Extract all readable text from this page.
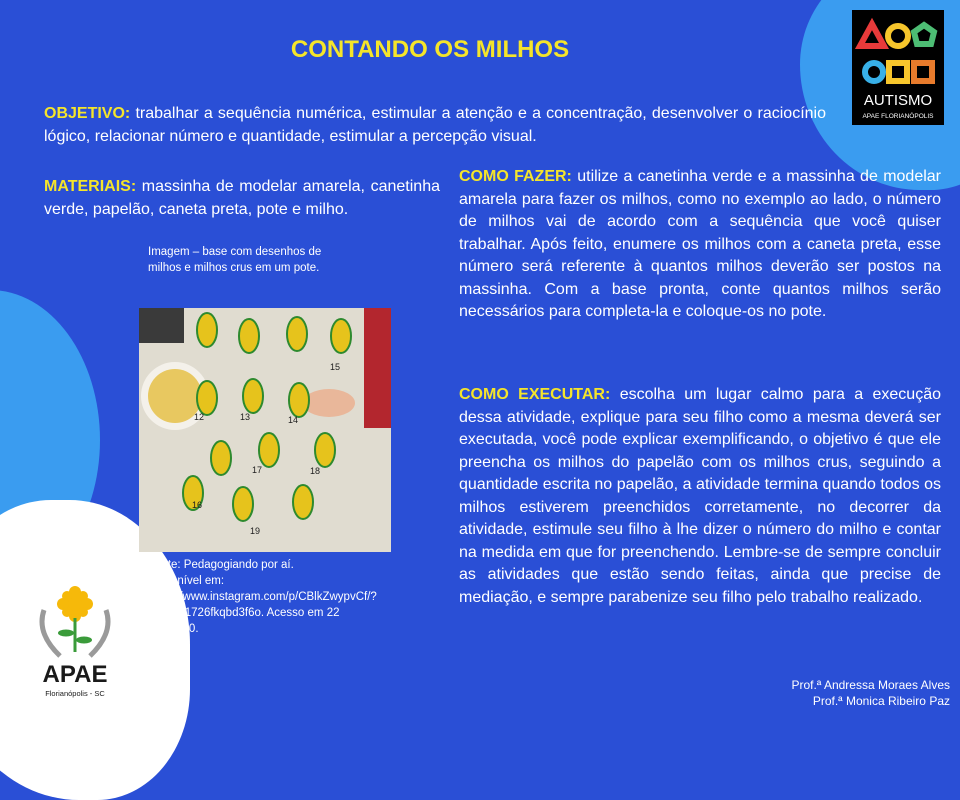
CONTANDO OS MILHOS

OBJETIVO: trabalhar a sequência numérica, estimular a atenção e a concentração, desenvolver o raciocínio lógico, relacionar número e quantidade, estimular a percepção visual.

MATERIAIS: massinha de modelar amarela, canetinha verde, papelão, caneta preta, pote e milho.

COMO FAZER: utilize a canetinha verde e a massinha de modelar amarela para fazer os milhos, como no exemplo ao lado, o número de milhos vai de acordo com a sequência que você quiser trabalhar. Após feito, enumere os milhos com a caneta preta, esse número será referente à quantos milhos deverão ser postos na massinha. Com a base pronta, conte quantos milhos serão necessários para completa-la e coloque-os no pote.

COMO EXECUTAR: escolha um lugar calmo para a execução dessa atividade, explique para seu filho como a mesma deverá ser executada, você pode explicar exemplificando, o objetivo é que ele preencha os milhos do papelão com os milhos crus, seguindo a quantidade escrita no papelão, a atividade termina quando todos os milhos estiverem preenchidos corretamente, no decorrer da atividade, estimule seu filho à lhe dizer o número do milho e contar na medida em que for preenchendo. Lembre-se de sempre concluir as atividades que estão sendo feitas, ainda que precise de mediação, e sempre parabenize seu filho pelo trabalho realizado.

Imagem – base com desenhos de milhos e milhos crus em um pote.

12	13	14
15
16
17	18
19

Fonte: Pedagogiando por aí. Disponível em: https://www.instagram.com/p/CBlkZwypvCf/?igshid=1726fkqbd3f6o. Acesso em 22 jun. 2020.

AUTISMO
APAE FLORIANÓPOLIS
APAE
Florianópolis - SC
Prof.ª Andressa Moraes Alves
Prof.ª Monica Ribeiro Paz
